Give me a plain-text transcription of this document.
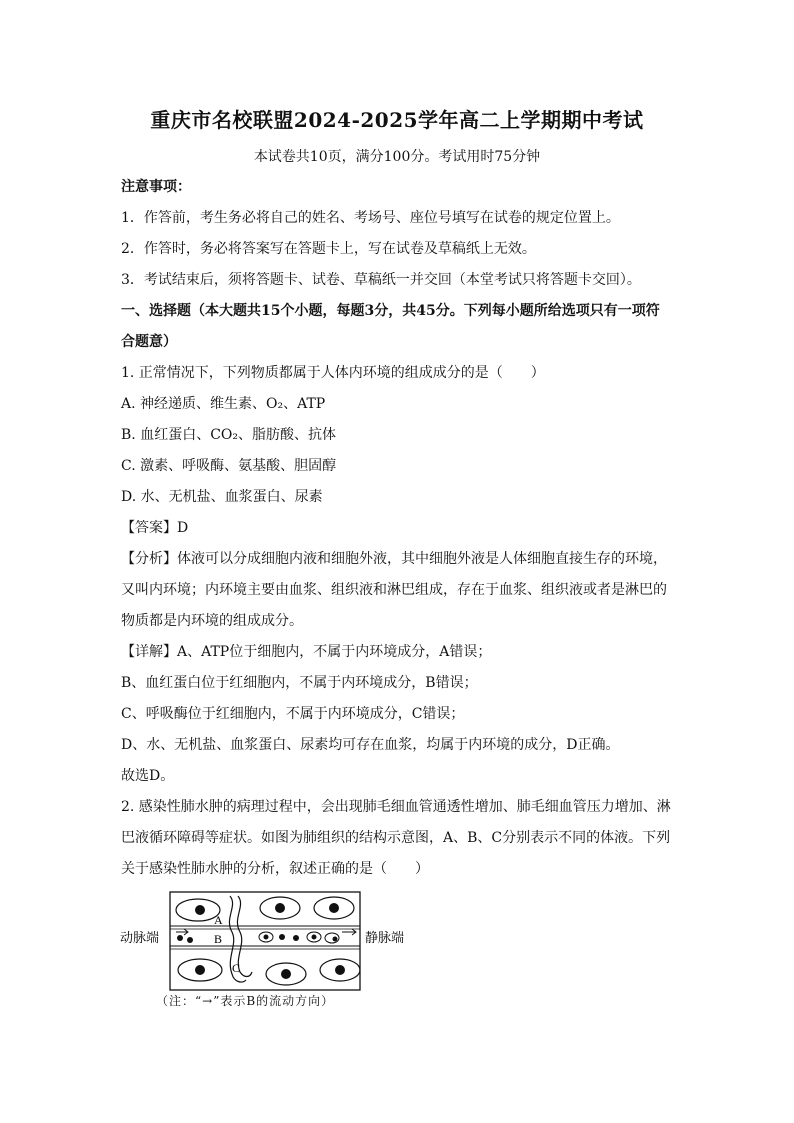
重庆市名校联盟2024-2025学年高二上学期期中考试
本试卷共10页，满分100分。考试用时75分钟
注意事项：
1．作答前，考生务必将自己的姓名、考场号、座位号填写在试卷的规定位置上。
2．作答时，务必将答案写在答题卡上，写在试卷及草稿纸上无效。
3．考试结束后，须将答题卡、试卷、草稿纸一并交回（本堂考试只将答题卡交回）。
一、选择题（本大题共15个小题，每题3分，共45分。下列每小题所给选项只有一项符
合题意）
1. 正常情况下，下列物质都属于人体内环境的组成成分的是（　　）
A. 神经递质、维生素、O₂、ATP
B. 血红蛋白、CO₂、脂肪酸、抗体
C. 激素、呼吸酶、氨基酸、胆固醇
D. 水、无机盐、血浆蛋白、尿素
【答案】D
【分析】体液可以分成细胞内液和细胞外液，其中细胞外液是人体细胞直接生存的环境，
又叫内环境；内环境主要由血浆、组织液和淋巴组成，存在于血浆、组织液或者是淋巴的
物质都是内环境的组成成分。
【详解】A、ATP位于细胞内，不属于内环境成分，A错误；
B、血红蛋白位于红细胞内，不属于内环境成分，B错误；
C、呼吸酶位于红细胞内，不属于内环境成分，C错误；
D、水、无机盐、血浆蛋白、尿素均可存在血浆，均属于内环境的成分，D正确。
故选D。
2. 感染性肺水肿的病理过程中，会出现肺毛细血管通透性增加、肺毛细血管压力增加、淋
巴液循环障碍等症状。如图为肺组织的结构示意图，A、B、C分别表示不同的体液。下列
关于感染性肺水肿的分析，叙述正确的是（　　）
动脉端	静脉端
A
B
C
（注：“→”表示B的流动方向）
